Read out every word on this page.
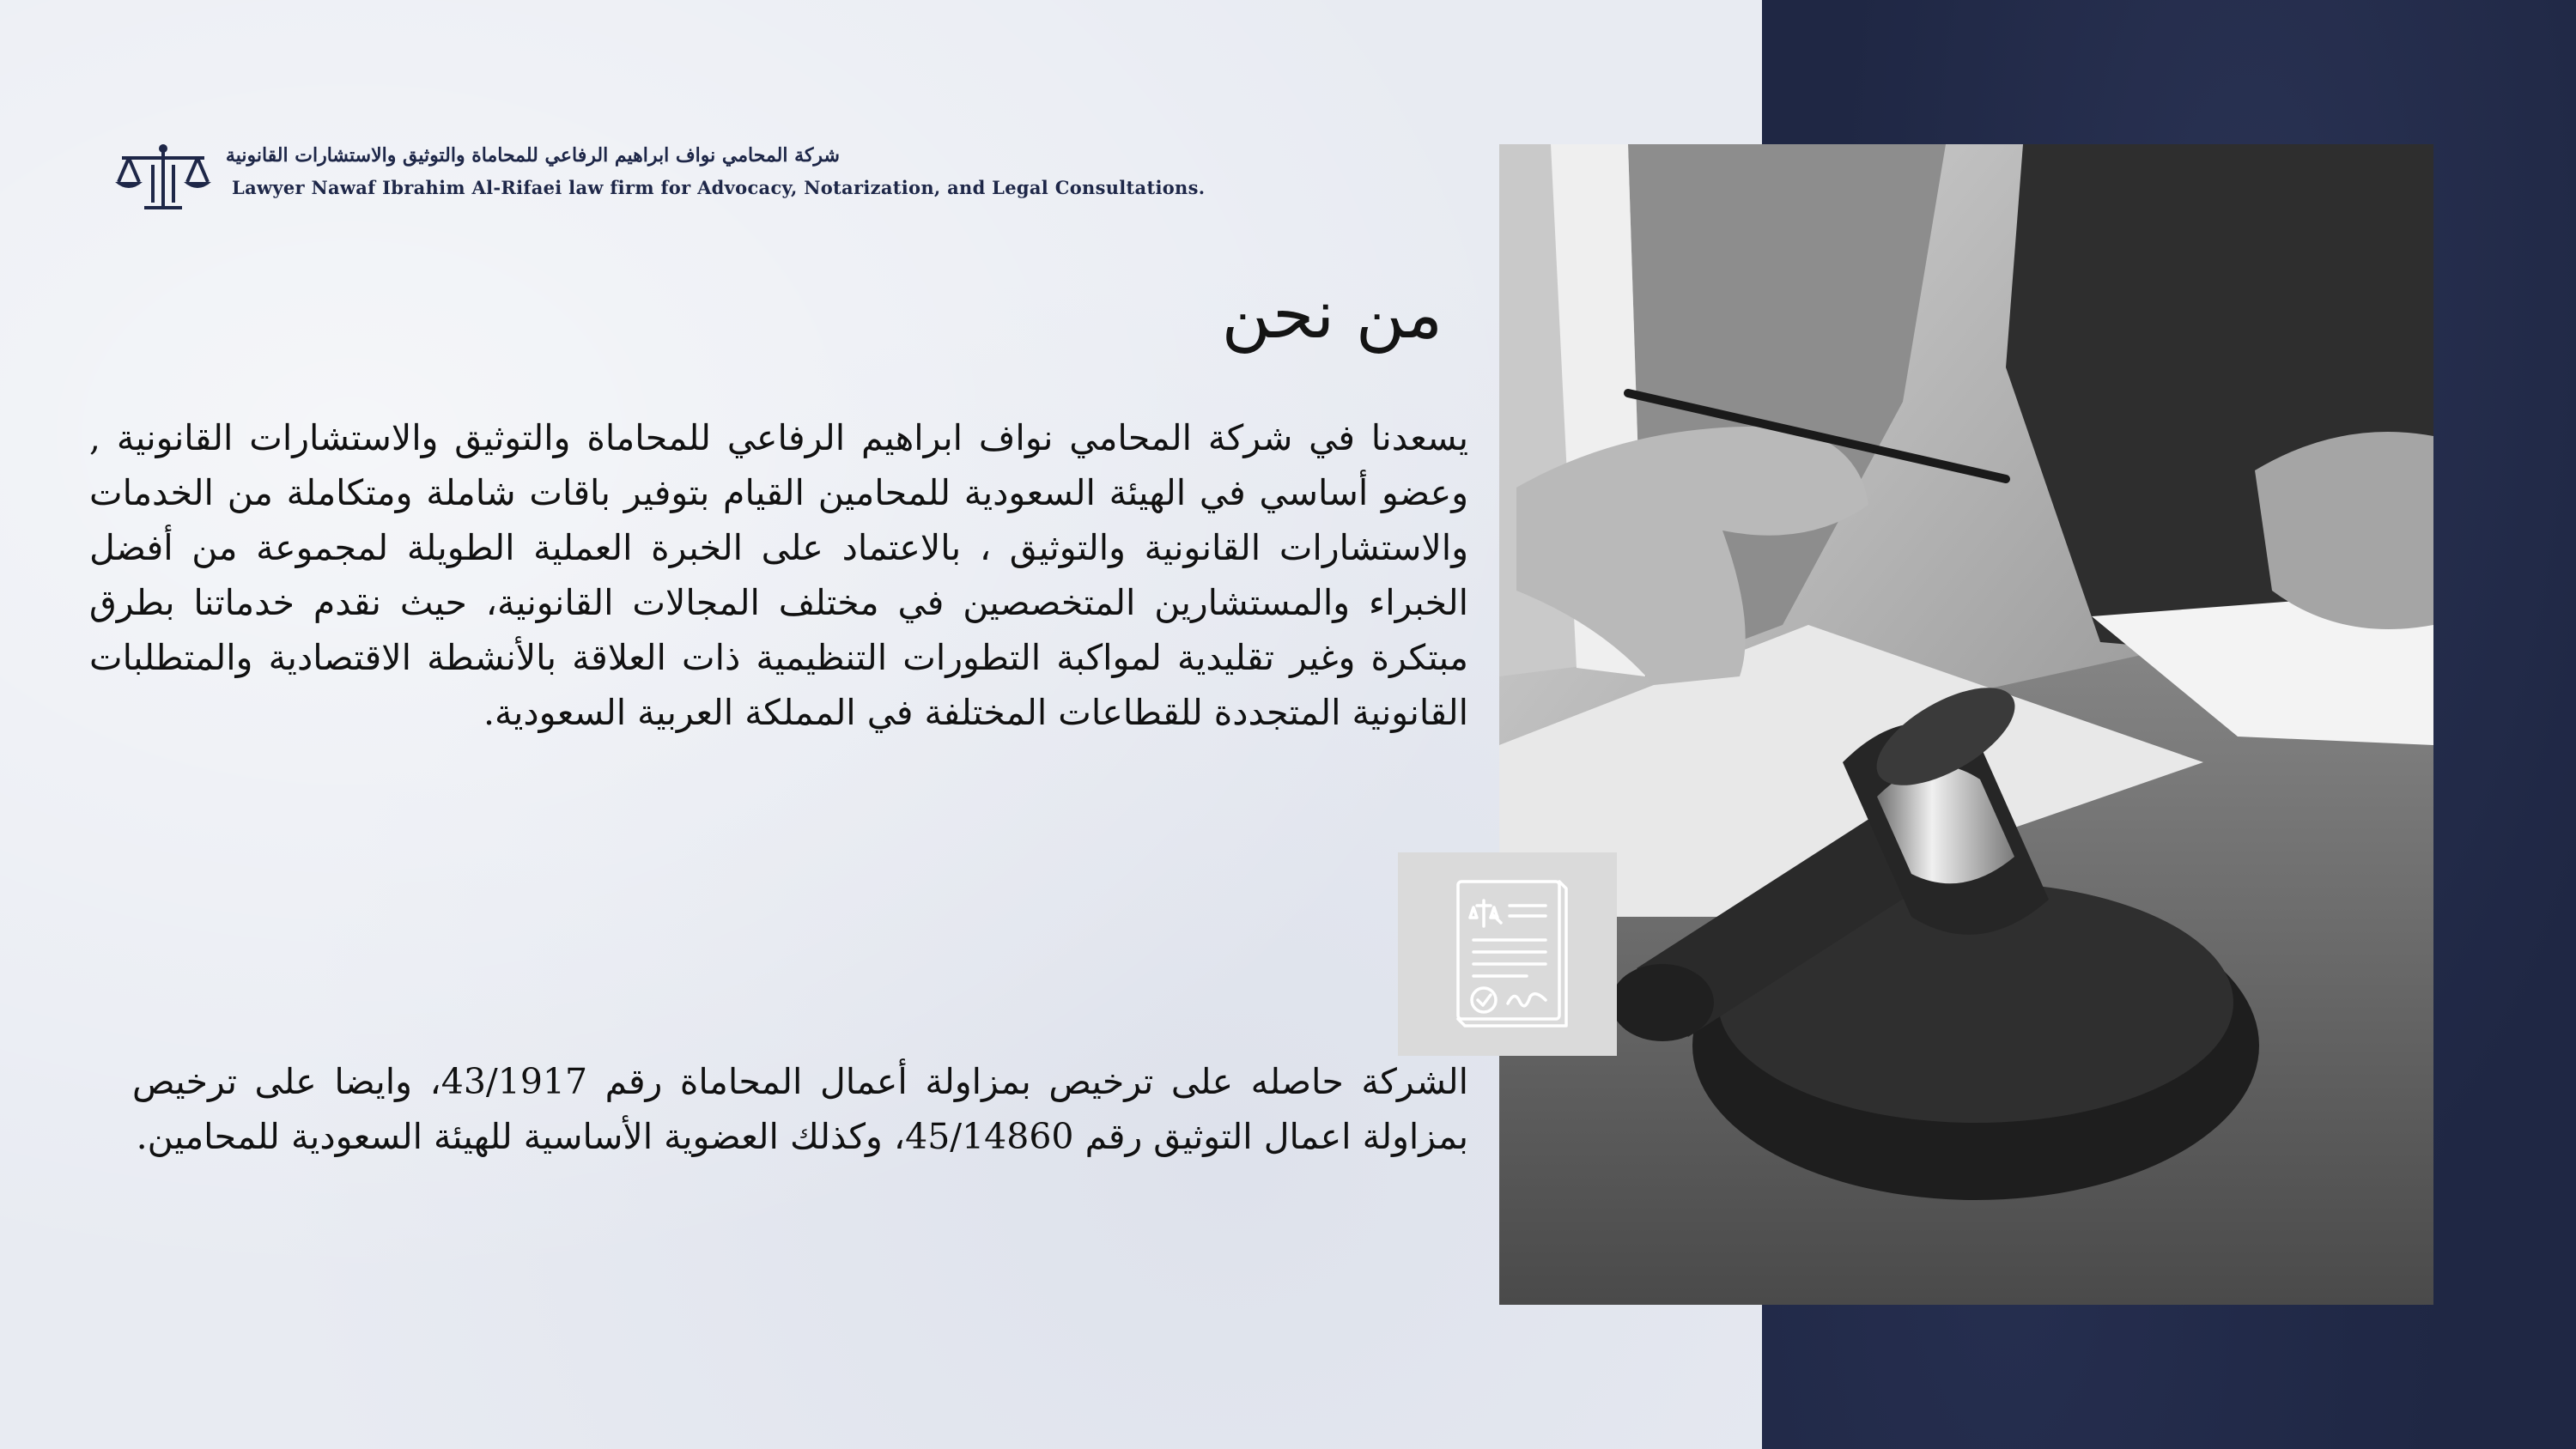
شركة المحامي نواف ابراهيم الرفاعي للمحاماة والتوثيق والاستشارات القانونية
Lawyer Nawaf Ibrahim Al-Rifaei law firm for Advocacy, Notarization, and Legal Consultations.
من نحن
يسعدنا في شركة المحامي نواف ابراهيم الرفاعي للمحاماة والتوثيق والاستشارات القانونية , وعضو أساسي في الهيئة السعودية للمحامين القيام بتوفير باقات شاملة ومتكاملة من الخدمات والاستشارات القانونية والتوثيق ، بالاعتماد على الخبرة العملية الطويلة لمجموعة من أفضل الخبراء والمستشارين المتخصصين في مختلف المجالات القانونية، حيث نقدم خدماتنا بطرق مبتكرة وغير تقليدية لمواكبة التطورات التنظيمية ذات العلاقة بالأنشطة الاقتصادية والمتطلبات القانونية المتجددة للقطاعات المختلفة في المملكة العربية السعودية.
الشركة حاصله على ترخيص بمزاولة أعمال المحاماة رقم 43/1917، وايضا على ترخيص بمزاولة اعمال التوثيق رقم 45/14860، وكذلك العضوية الأساسية للهيئة السعودية للمحامين.
